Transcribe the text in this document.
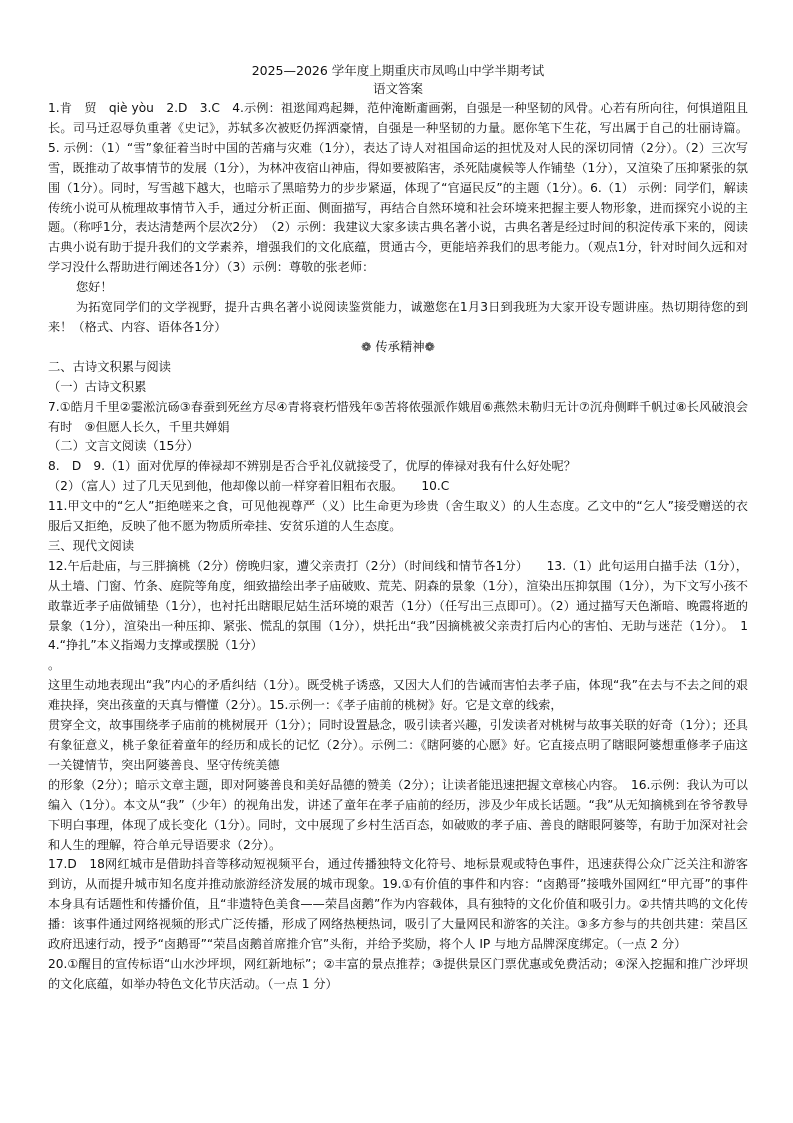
2025—2026 学年度上期重庆市凤鸣山中学半期考试
语文答案

1.肯　贸　qiè yòu　2.D　3.C　4.示例：祖逖闻鸡起舞，范仲淹断齑画粥，自强是一种坚韧的风骨。心若有所向往，何惧道阻且长。司马迁忍辱负重著《史记》，苏轼多次被贬仍挥洒豪情，自强是一种坚韧的力量。愿你笔下生花，写出属于自己的壮丽诗篇。5. 示例：（1）“雪”象征着当时中国的苦痛与灾难（1分），表达了诗人对祖国命运的担忧及对人民的深切同情（2分）。（2）三次写雪，既推动了故事情节的发展（1分），为林冲夜宿山神庙，得如要被陷害，杀死陆虞候等人作铺垫（1分），又渲染了压抑紧张的氛围（1分）。同时，写雪越下越大，也暗示了黑暗势力的步步紧逼，体现了“官逼民反”的主题（1分）。6.（1） 示例：同学们，解读传统小说可从梳理故事情节入手，通过分析正面、侧面描写，再结合自然环境和社会环境来把握主要人物形象，进而探究小说的主题。（称呼1分，表达清楚两个层次2分）　（2）示例：我建议大家多读古典名著小说，古典名著是经过时间的积淀传承下来的，阅读古典小说有助于提升我们的文学素养，增强我们的文化底蕴，贯通古今，更能培养我们的思考能力。（观点1分，针对时间久远和对学习没什么帮助进行阐述各1分）（3）示例：尊敬的张老师：

您好！

为拓宽同学们的文学视野，提升古典名著小说阅读鉴赏能力，诚邀您在1月3日到我班为大家开设专题讲座。热切期待您的到来！（格式、内容、语体各1分）

❁ 传承精神❁

二、古诗文积累与阅读

（一）古诗文积累

7.①皓月千里②霎淞沆砀③春蚕到死丝方尽④青将衰朽惜残年⑤苦将侬强派作娥眉⑥燕然未勒归无计⑦沉舟侧畔千帆过⑧长风破浪会有时　⑨但愿人长久，千里共婵娟

（二）文言文阅读（15分）

8.　D　9.（1）面对优厚的俸禄却不辨别是否合乎礼仪就接受了，优厚的俸禄对我有什么好处呢？

（2）（富人）过了几天见到他，他却像以前一样穿着旧粗布衣服。　　10.C

11.甲文中的“乞人”拒绝嗟来之食，可见他视尊严（义）比生命更为珍贵（舍生取义）的人生态度。乙文中的“乞人”接受赠送的衣服后又拒绝，反映了他不愿为物质所牵挂、安贫乐道的人生态度。

三、现代文阅读

12.午后赴庙，与三胖摘桃（2分）傍晚归家，遭父亲责打（2分）（时间线和情节各1分）　　13.（1）此句运用白描手法（1分），从土墙、门窗、竹条、庭院等角度，细致描绘出孝子庙破败、荒芜、阴森的景象（1分），渲染出压抑氛围（1分），为下文写小孩不敢靠近孝子庙做铺垫（1分），也衬托出瞎眼尼姑生活环境的艰苦（1分）（任写出三点即可）。（2）通过描写天色渐暗、晚霞将逝的景象（1分），渲染出一种压抑、紧张、慌乱的氛围（1分），烘托出“我”因摘桃被父亲责打后内心的害怕、无助与迷茫（1分）。　14.“挣扎”本义指竭力支撑或摆脱（1分）

。

这里生动地表现出“我”内心的矛盾纠结（1分）。既受桃子诱惑，又因大人们的告诫而害怕去孝子庙，体现“我”在去与不去之间的艰难抉择，突出孩童的天真与懵懂（2分）。15.示例一：《孝子庙前的桃树》好。它是文章的线索，

贯穿全文，故事围绕孝子庙前的桃树展开（1分）；同时设置悬念，吸引读者兴趣，引发读者对桃树与故事关联的好奇（1分）；还具有象征意义，桃子象征着童年的经历和成长的记忆（2分）。示例二：《瞎阿婆的心愿》好。它直接点明了瞎眼阿婆想重修孝子庙这一关键情节，突出阿婆善良、坚守传统美德

的形象（2分）；暗示文章主题，即对阿婆善良和美好品德的赞美（2分）；让读者能迅速把握文章核心内容。　16.示例：我认为可以编入（1分）。本文从“我”（少年）的视角出发，讲述了童年在孝子庙前的经历，涉及少年成长话题。“我”从无知摘桃到在爷爷教导下明白事理，体现了成长变化（1分）。同时，文中展现了乡村生活百态，如破败的孝子庙、善良的瞎眼阿婆等，有助于加深对社会和人生的理解，符合单元导语要求（2分）。

17.D　18网红城市是借助抖音等移动短视频平台，通过传播独特文化符号、地标景观或特色事件，迅速获得公众广泛关注和游客到访，从而提升城市知名度并推动旅游经济发展的城市现象。19.①有价值的事件和内容：“卤鹅哥”接哦外国网红“甲亢哥”的事件本身具有话题性和传播价值，且“非遗特色美食——荣昌卤鹅”作为内容载体，具有独特的文化价值和吸引力。②共情共鸣的文化传播：该事件通过网络视频的形式广泛传播，形成了网络热梗热词，吸引了大量网民和游客的关注。③多方参与的共创共建：荣昌区政府迅速行动，授予“卤鹅哥”“荣昌卤鹅首席推介官”头衔，并给予奖励，将个人 IP 与地方品牌深度绑定。（一点 2 分）

20.①醒目的宣传标语“山水沙坪坝，网红新地标”；②丰富的景点推荐；③提供景区门票优惠或免费活动；④深入挖掘和推广沙坪坝的文化底蕴，如举办特色文化节庆活动。（一点 1 分）
